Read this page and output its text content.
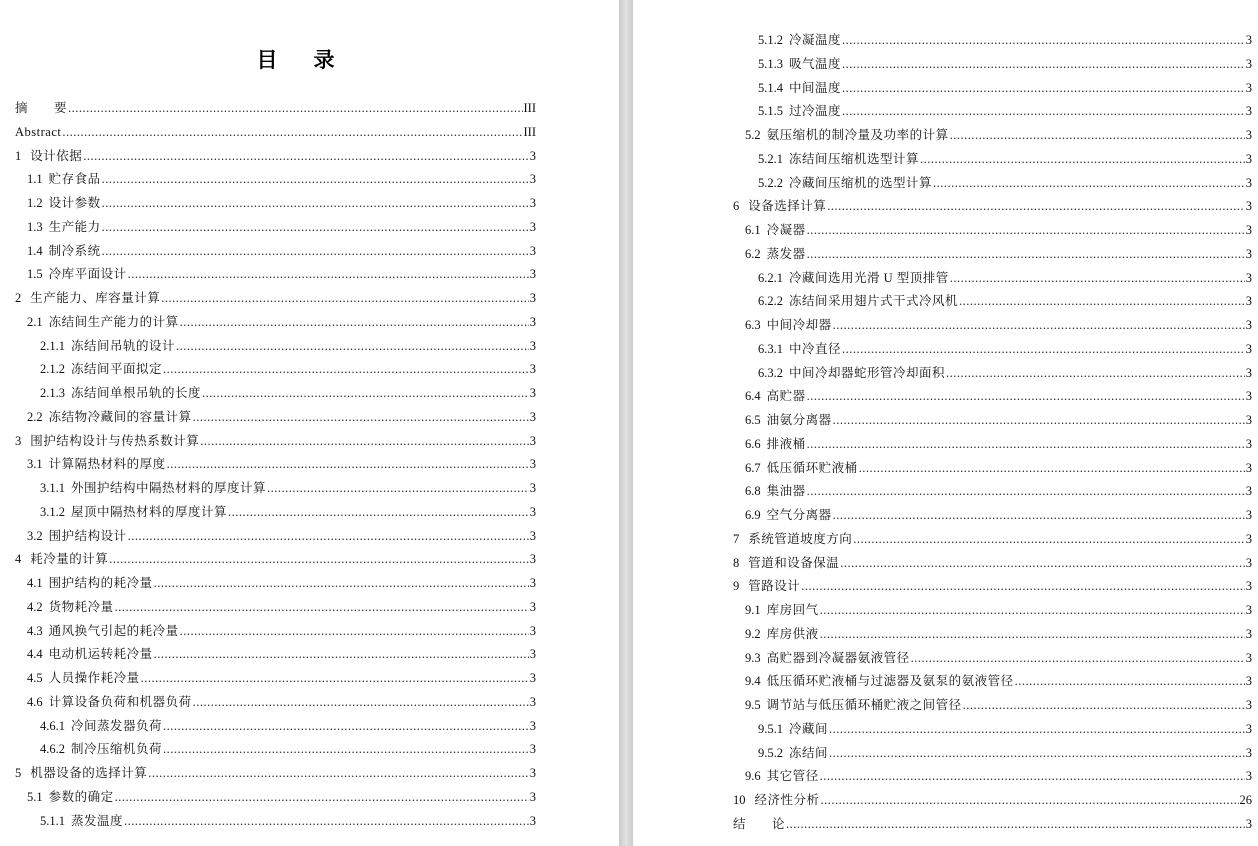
目录
摘　　要 .....	III
Abstract .....	III
1 设计依据 .....	3
1.1 贮存食品 .....	3
1.2 设计参数 .....	3
1.3 生产能力 .....	3
1.4 制冷系统 .....	3
1.5 冷库平面设计 .....	3
2 生产能力、库容量计算 .....	3
2.1 冻结间生产能力的计算 .....	3
2.1.1 冻结间吊轨的设计 .....	3
2.1.2 冻结间平面拟定 .....	3
2.1.3 冻结间单根吊轨的长度 .....	3
2.2 冻结物冷藏间的容量计算 .....	3
3 围护结构设计与传热系数计算 .....	3
3.1 计算隔热材料的厚度 .....	3
3.1.1 外围护结构中隔热材料的厚度计算 .....	3
3.1.2 屋顶中隔热材料的厚度计算 .....	3
3.2 围护结构设计 .....	3
4 耗冷量的计算 .....	3
4.1 围护结构的耗冷量 .....	3
4.2 货物耗冷量 .....	3
4.3 通风换气引起的耗冷量 .....	3
4.4 电动机运转耗冷量 .....	3
4.5 人员操作耗冷量 .....	3
4.6 计算设备负荷和机器负荷 .....	3
4.6.1 冷间蒸发器负荷 .....	3
4.6.2 制冷压缩机负荷 .....	3
5 机器设备的选择计算 .....	3
5.1 参数的确定 .....	3
5.1.1 蒸发温度 .....	3
5.1.2 冷凝温度 .....	3
5.1.3 吸气温度 .....	3
5.1.4 中间温度 .....	3
5.1.5 过冷温度 .....	3
5.2 氨压缩机的制冷量及功率的计算 .....	3
5.2.1 冻结间压缩机选型计算 .....	3
5.2.2 冷藏间压缩机的选型计算 .....	3
6 设备选择计算 .....	3
6.1 冷凝器 .....	3
6.2 蒸发器 .....	3
6.2.1 冷藏间选用光滑 U 型顶排管 .....	3
6.2.2 冻结间采用翅片式干式冷风机 .....	3
6.3 中间冷却器 .....	3
6.3.1 中冷直径 .....	3
6.3.2 中间冷却器蛇形管冷却面积 .....	3
6.4 高贮器 .....	3
6.5 油氨分离器 .....	3
6.6 排液桶 .....	3
6.7 低压循环贮液桶 .....	3
6.8 集油器 .....	3
6.9 空气分离器 .....	3
7 系统管道坡度方向 .....	3
8 管道和设备保温 .....	3
9 管路设计 .....	3
9.1 库房回气 .....	3
9.2 库房供液 .....	3
9.3 高贮器到冷凝器氨液管径 .....	3
9.4 低压循环贮液桶与过滤器及氨泵的氨液管径 .....	3
9.5 调节站与低压循环桶贮液之间管径 .....	3
9.5.1 冷藏间 .....	3
9.5.2 冻结间 .....	3
9.6 其它管径 .....	3
10 经济性分析 .....	26
结　　论 .....	3
